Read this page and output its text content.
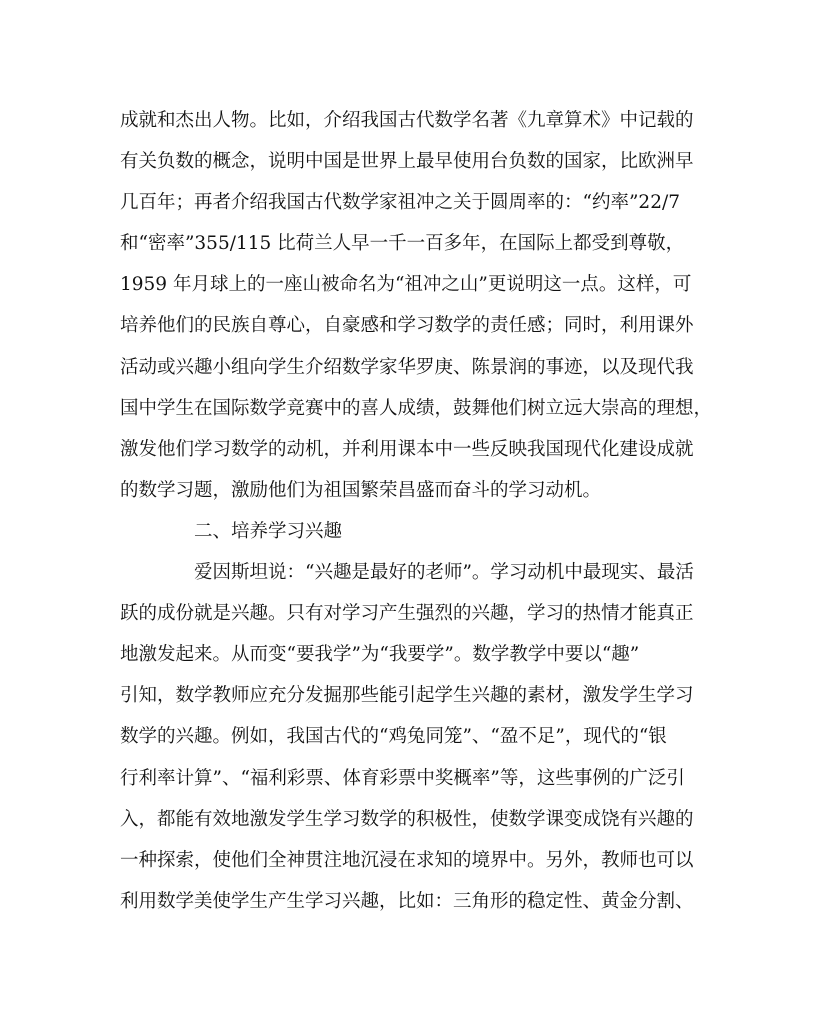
成就和杰出人物。比如，介绍我国古代数学名著《九章算术》中记载的
有关负数的概念，说明中国是世界上最早使用台负数的国家，比欧洲早
几百年；再者介绍我国古代数学家祖冲之关于圆周率的：“约率”22/7
和“密率”355/115 比荷兰人早一千一百多年，在国际上都受到尊敬，
1959 年月球上的一座山被命名为“祖冲之山”更说明这一点。这样，可
培养他们的民族自尊心，自豪感和学习数学的责任感；同时，利用课外
活动或兴趣小组向学生介绍数学家华罗庚、陈景润的事迹，以及现代我
国中学生在国际数学竞赛中的喜人成绩，鼓舞他们树立远大崇高的理想，
激发他们学习数学的动机，并利用课本中一些反映我国现代化建设成就
的数学习题，激励他们为祖国繁荣昌盛而奋斗的学习动机。
二、培养学习兴趣
爱因斯坦说：“兴趣是最好的老师”。学习动机中最现实、最活
跃的成份就是兴趣。只有对学习产生强烈的兴趣，学习的热情才能真正
地激发起来。从而变“要我学”为“我要学”。数学教学中要以“趣”
引知，数学教师应充分发掘那些能引起学生兴趣的素材，激发学生学习
数学的兴趣。例如，我国古代的“鸡兔同笼”、“盈不足”，现代的“银
行利率计算”、“福利彩票、体育彩票中奖概率”等，这些事例的广泛引
入，都能有效地激发学生学习数学的积极性，使数学课变成饶有兴趣的
一种探索，使他们全神贯注地沉浸在求知的境界中。另外，教师也可以
利用数学美使学生产生学习兴趣，比如：三角形的稳定性、黄金分割、
